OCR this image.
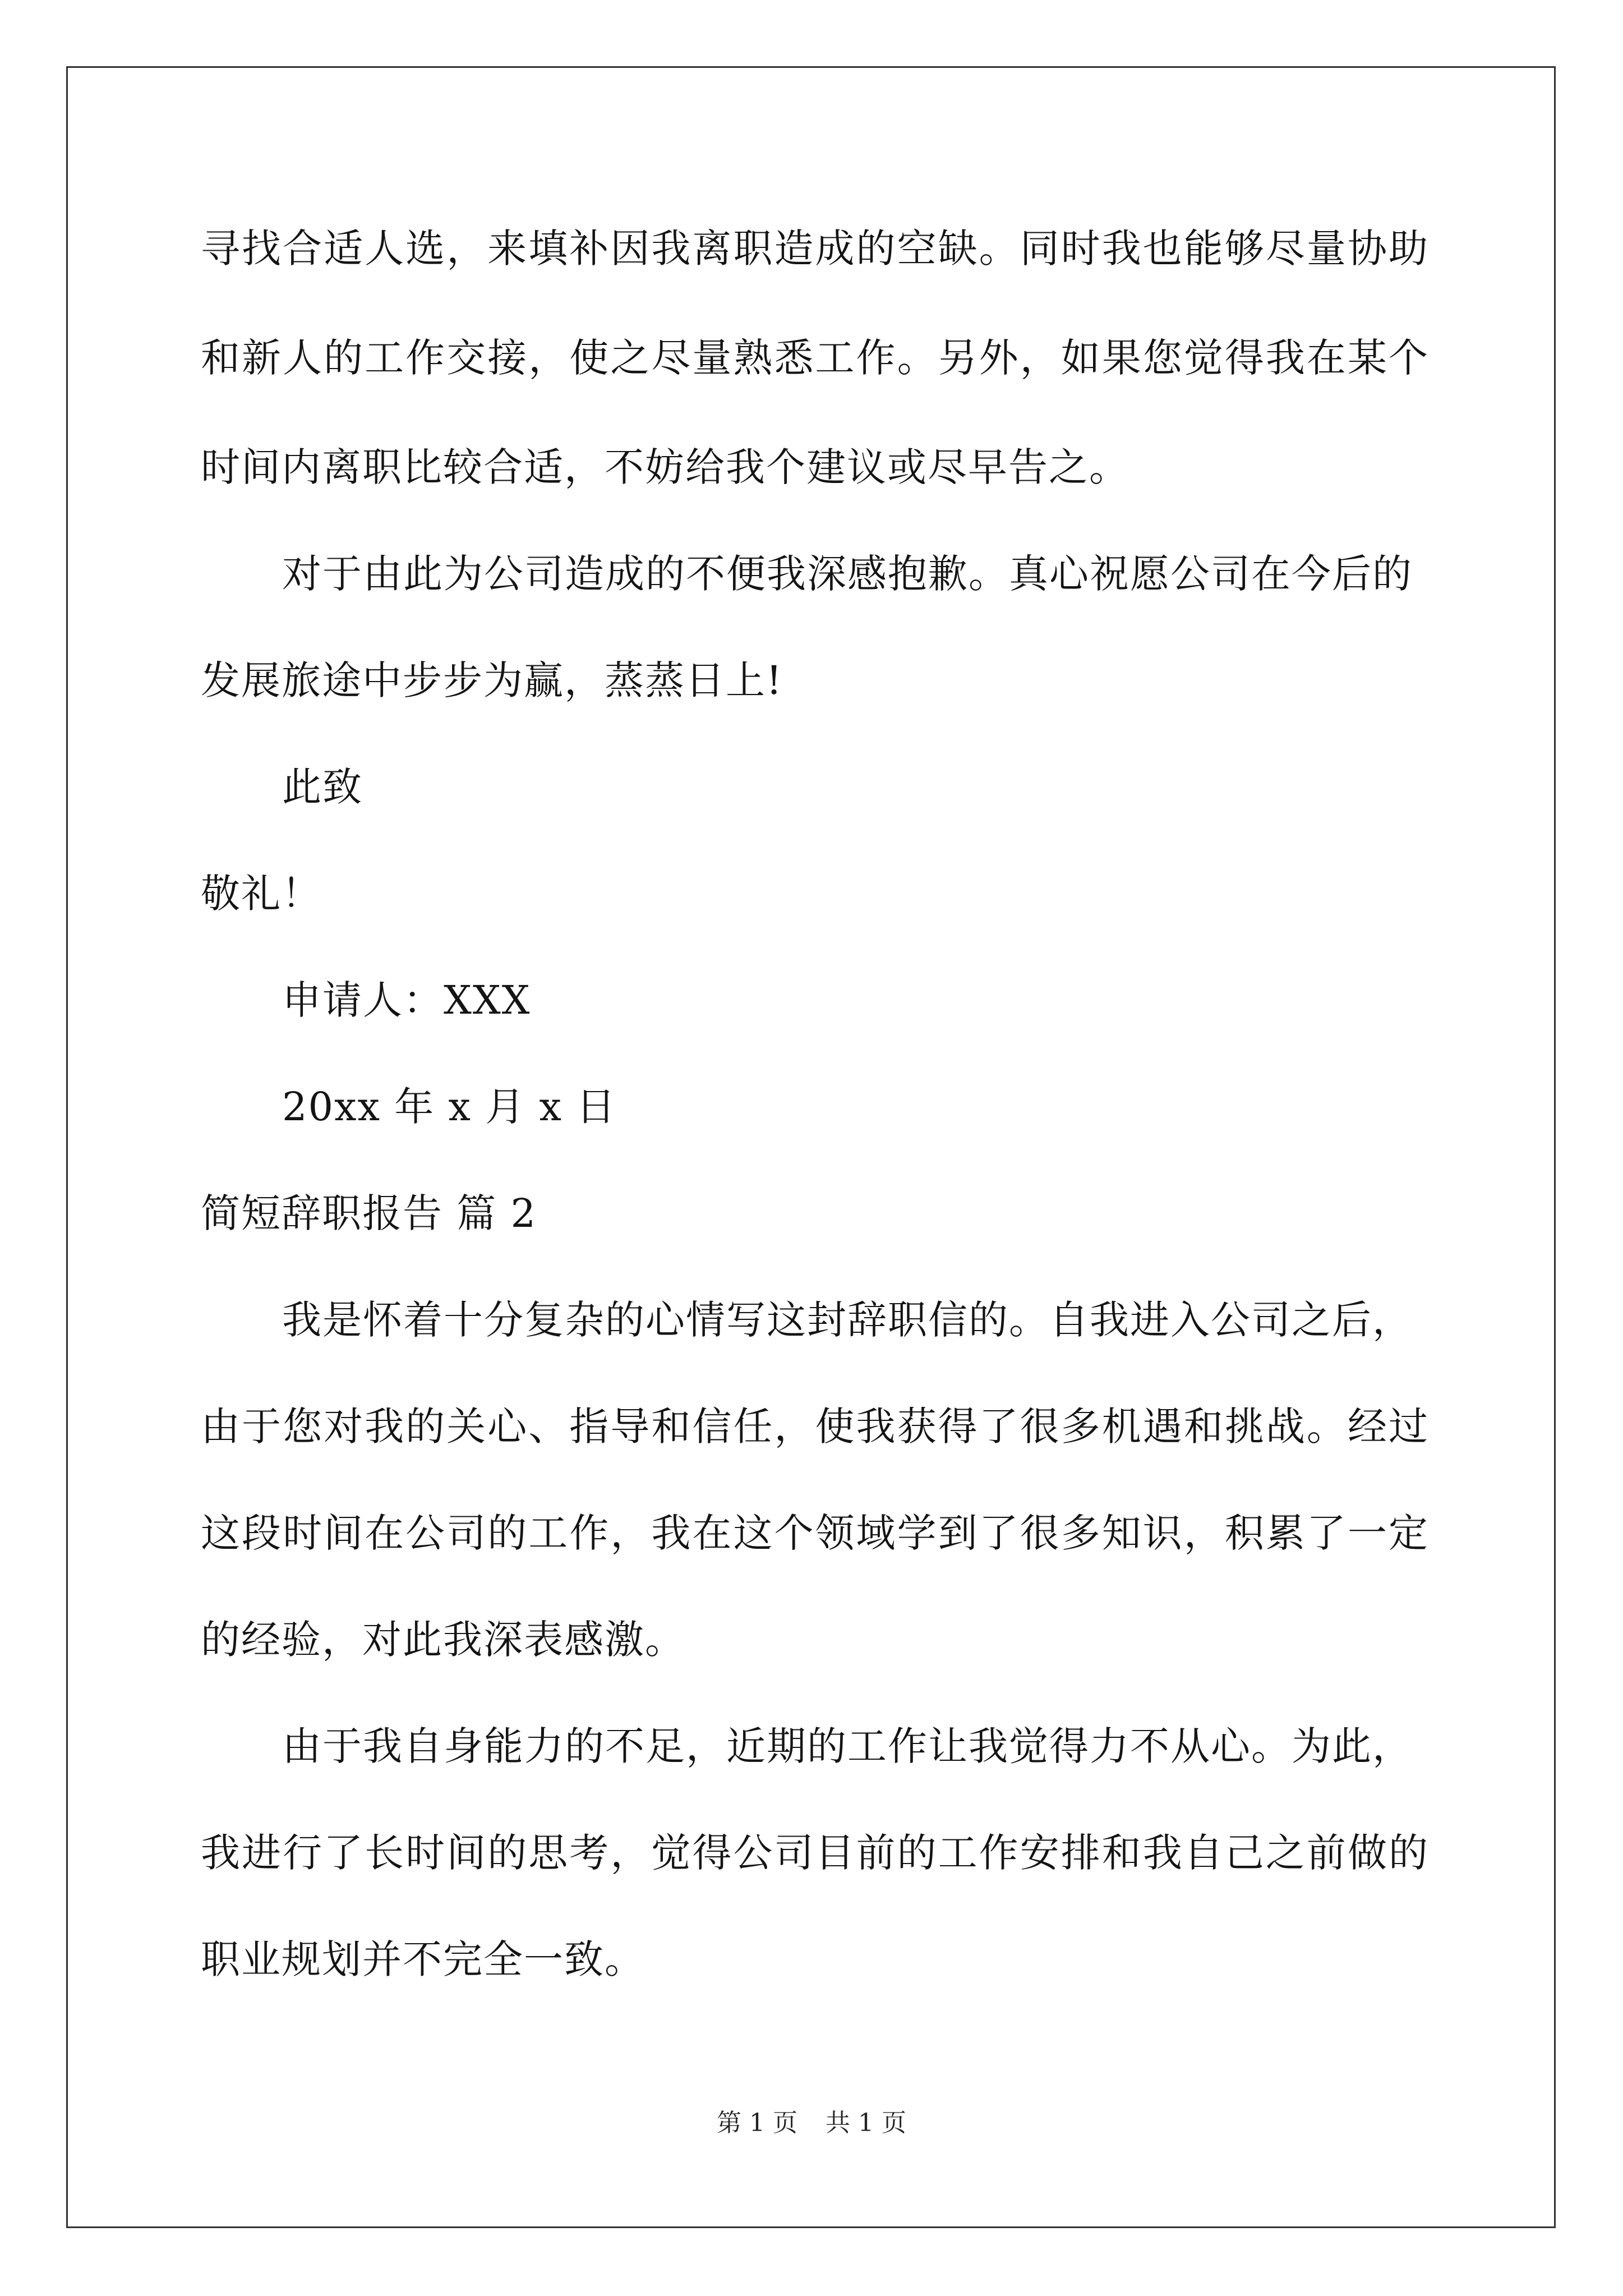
寻找合适人选，来填补因我离职造成的空缺。同时我也能够尽量协助
和新人的工作交接，使之尽量熟悉工作。另外，如果您觉得我在某个
时间内离职比较合适，不妨给我个建议或尽早告之。
对于由此为公司造成的不便我深感抱歉。真心祝愿公司在今后的
发展旅途中步步为赢，蒸蒸日上!
此致
敬礼！
申请人：XXX
20xx 年 x 月 x 日
简短辞职报告 篇 2
我是怀着十分复杂的心情写这封辞职信的。自我进入公司之后，
由于您对我的关心、指导和信任，使我获得了很多机遇和挑战。经过
这段时间在公司的工作，我在这个领域学到了很多知识，积累了一定
的经验，对此我深表感激。
由于我自身能力的不足，近期的工作让我觉得力不从心。为此，
我进行了长时间的思考，觉得公司目前的工作安排和我自己之前做的
职业规划并不完全一致。
第 1 页 共 1 页
